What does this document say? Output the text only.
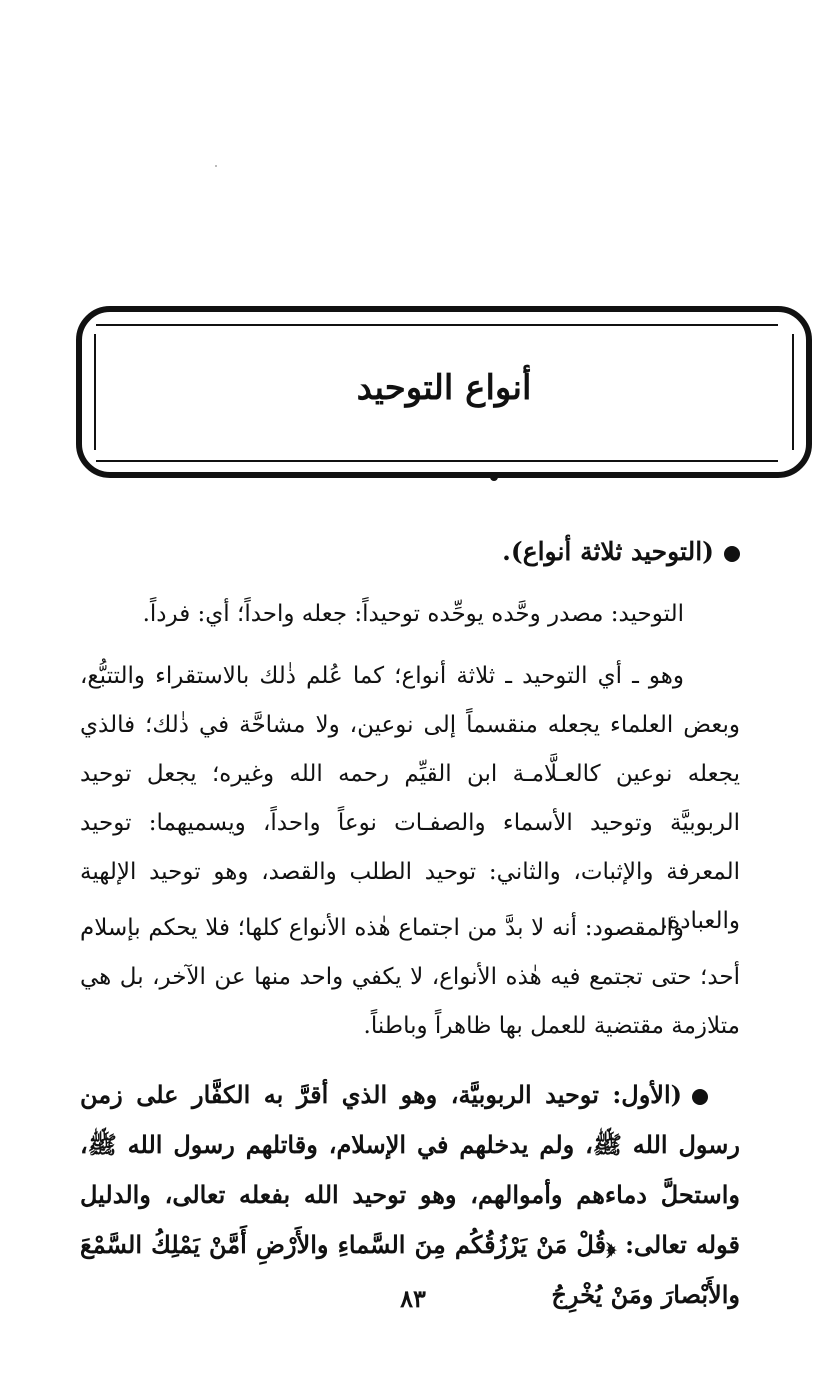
أنواع التوحيد
(التوحيد ثلاثة أنواع).

التوحيد: مصدر وحَّده يوحِّده توحيداً: جعله واحداً؛ أي: فرداً.

وهو ـ أي التوحيد ـ ثلاثة أنواع؛ كما عُلم ذٰلك بالاستقراء والتتبُّع، وبعض العلماء يجعله منقسماً إلى نوعين، ولا مشاحَّة في ذٰلك؛ فالذي يجعله نوعين كالعـلَّامـة ابن القيِّم رحمه الله وغيره؛ يجعل توحيد الربوبيَّة وتوحيد الأسماء والصفـات نوعاً واحداً، ويسميهما: توحيد المعرفة والإثبات، والثاني: توحيد الطلب والقصد، وهو توحيد الإلهية والعبادة.

والمقصود: أنه لا بدَّ من اجتماع هٰذه الأنواع كلها؛ فلا يحكم بإسلام أحد؛ حتى تجتمع فيه هٰذه الأنواع، لا يكفي واحد منها عن الآخر، بل هي متلازمة مقتضية للعمل بها ظاهراً وباطناً.

(الأول: توحيد الربوبيَّة، وهو الذي أقرَّ به الكفَّار على زمن رسول الله ﷺ، ولم يدخلهم في الإسلام، وقاتلهم رسول الله ﷺ، واستحلَّ دماءهم وأموالهم، وهو توحيد الله بفعله تعالى، والدليل قوله تعالى: ﴿قُلْ مَنْ يَرْزُقُكُم مِنَ السَّماءِ والأَرْضِ أَمَّنْ يَمْلِكُ السَّمْعَ والأَبْصارَ ومَنْ يُخْرِجُ
٨٣
